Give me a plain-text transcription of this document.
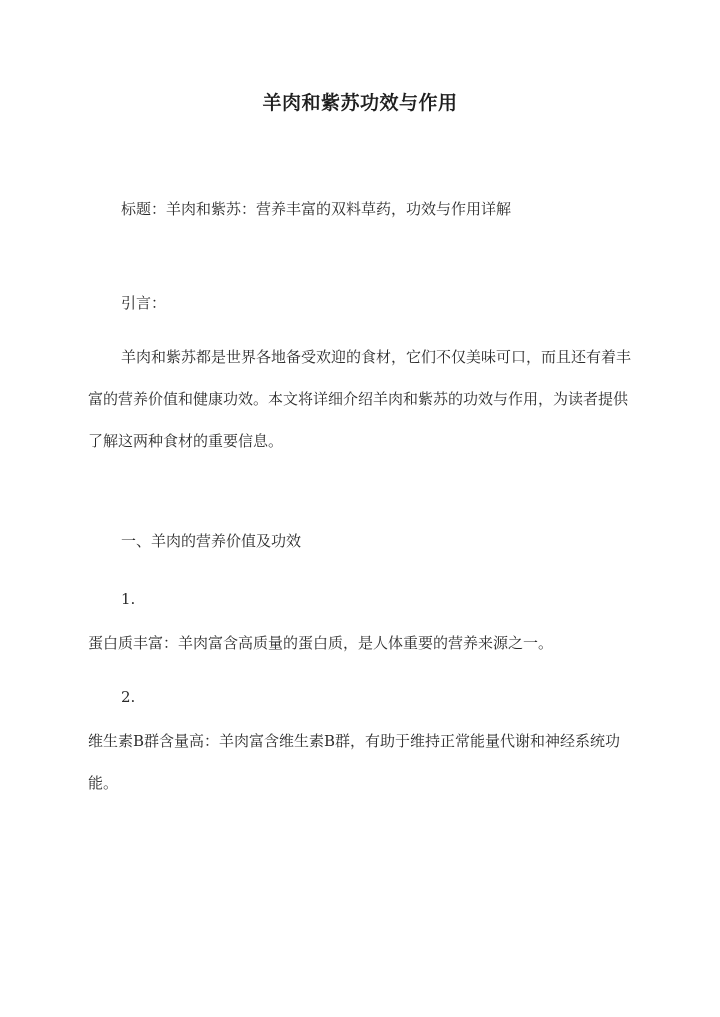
羊肉和紫苏功效与作用
标题：羊肉和紫苏：营养丰富的双料草药，功效与作用详解
引言：
羊肉和紫苏都是世界各地备受欢迎的食材，它们不仅美味可口，而且还有着丰富的营养价值和健康功效。本文将详细介绍羊肉和紫苏的功效与作用，为读者提供了解这两种食材的重要信息。
一、羊肉的营养价值及功效
1.
蛋白质丰富：羊肉富含高质量的蛋白质，是人体重要的营养来源之一。
2.
维生素B群含量高：羊肉富含维生素B群，有助于维持正常能量代谢和神经系统功能。
